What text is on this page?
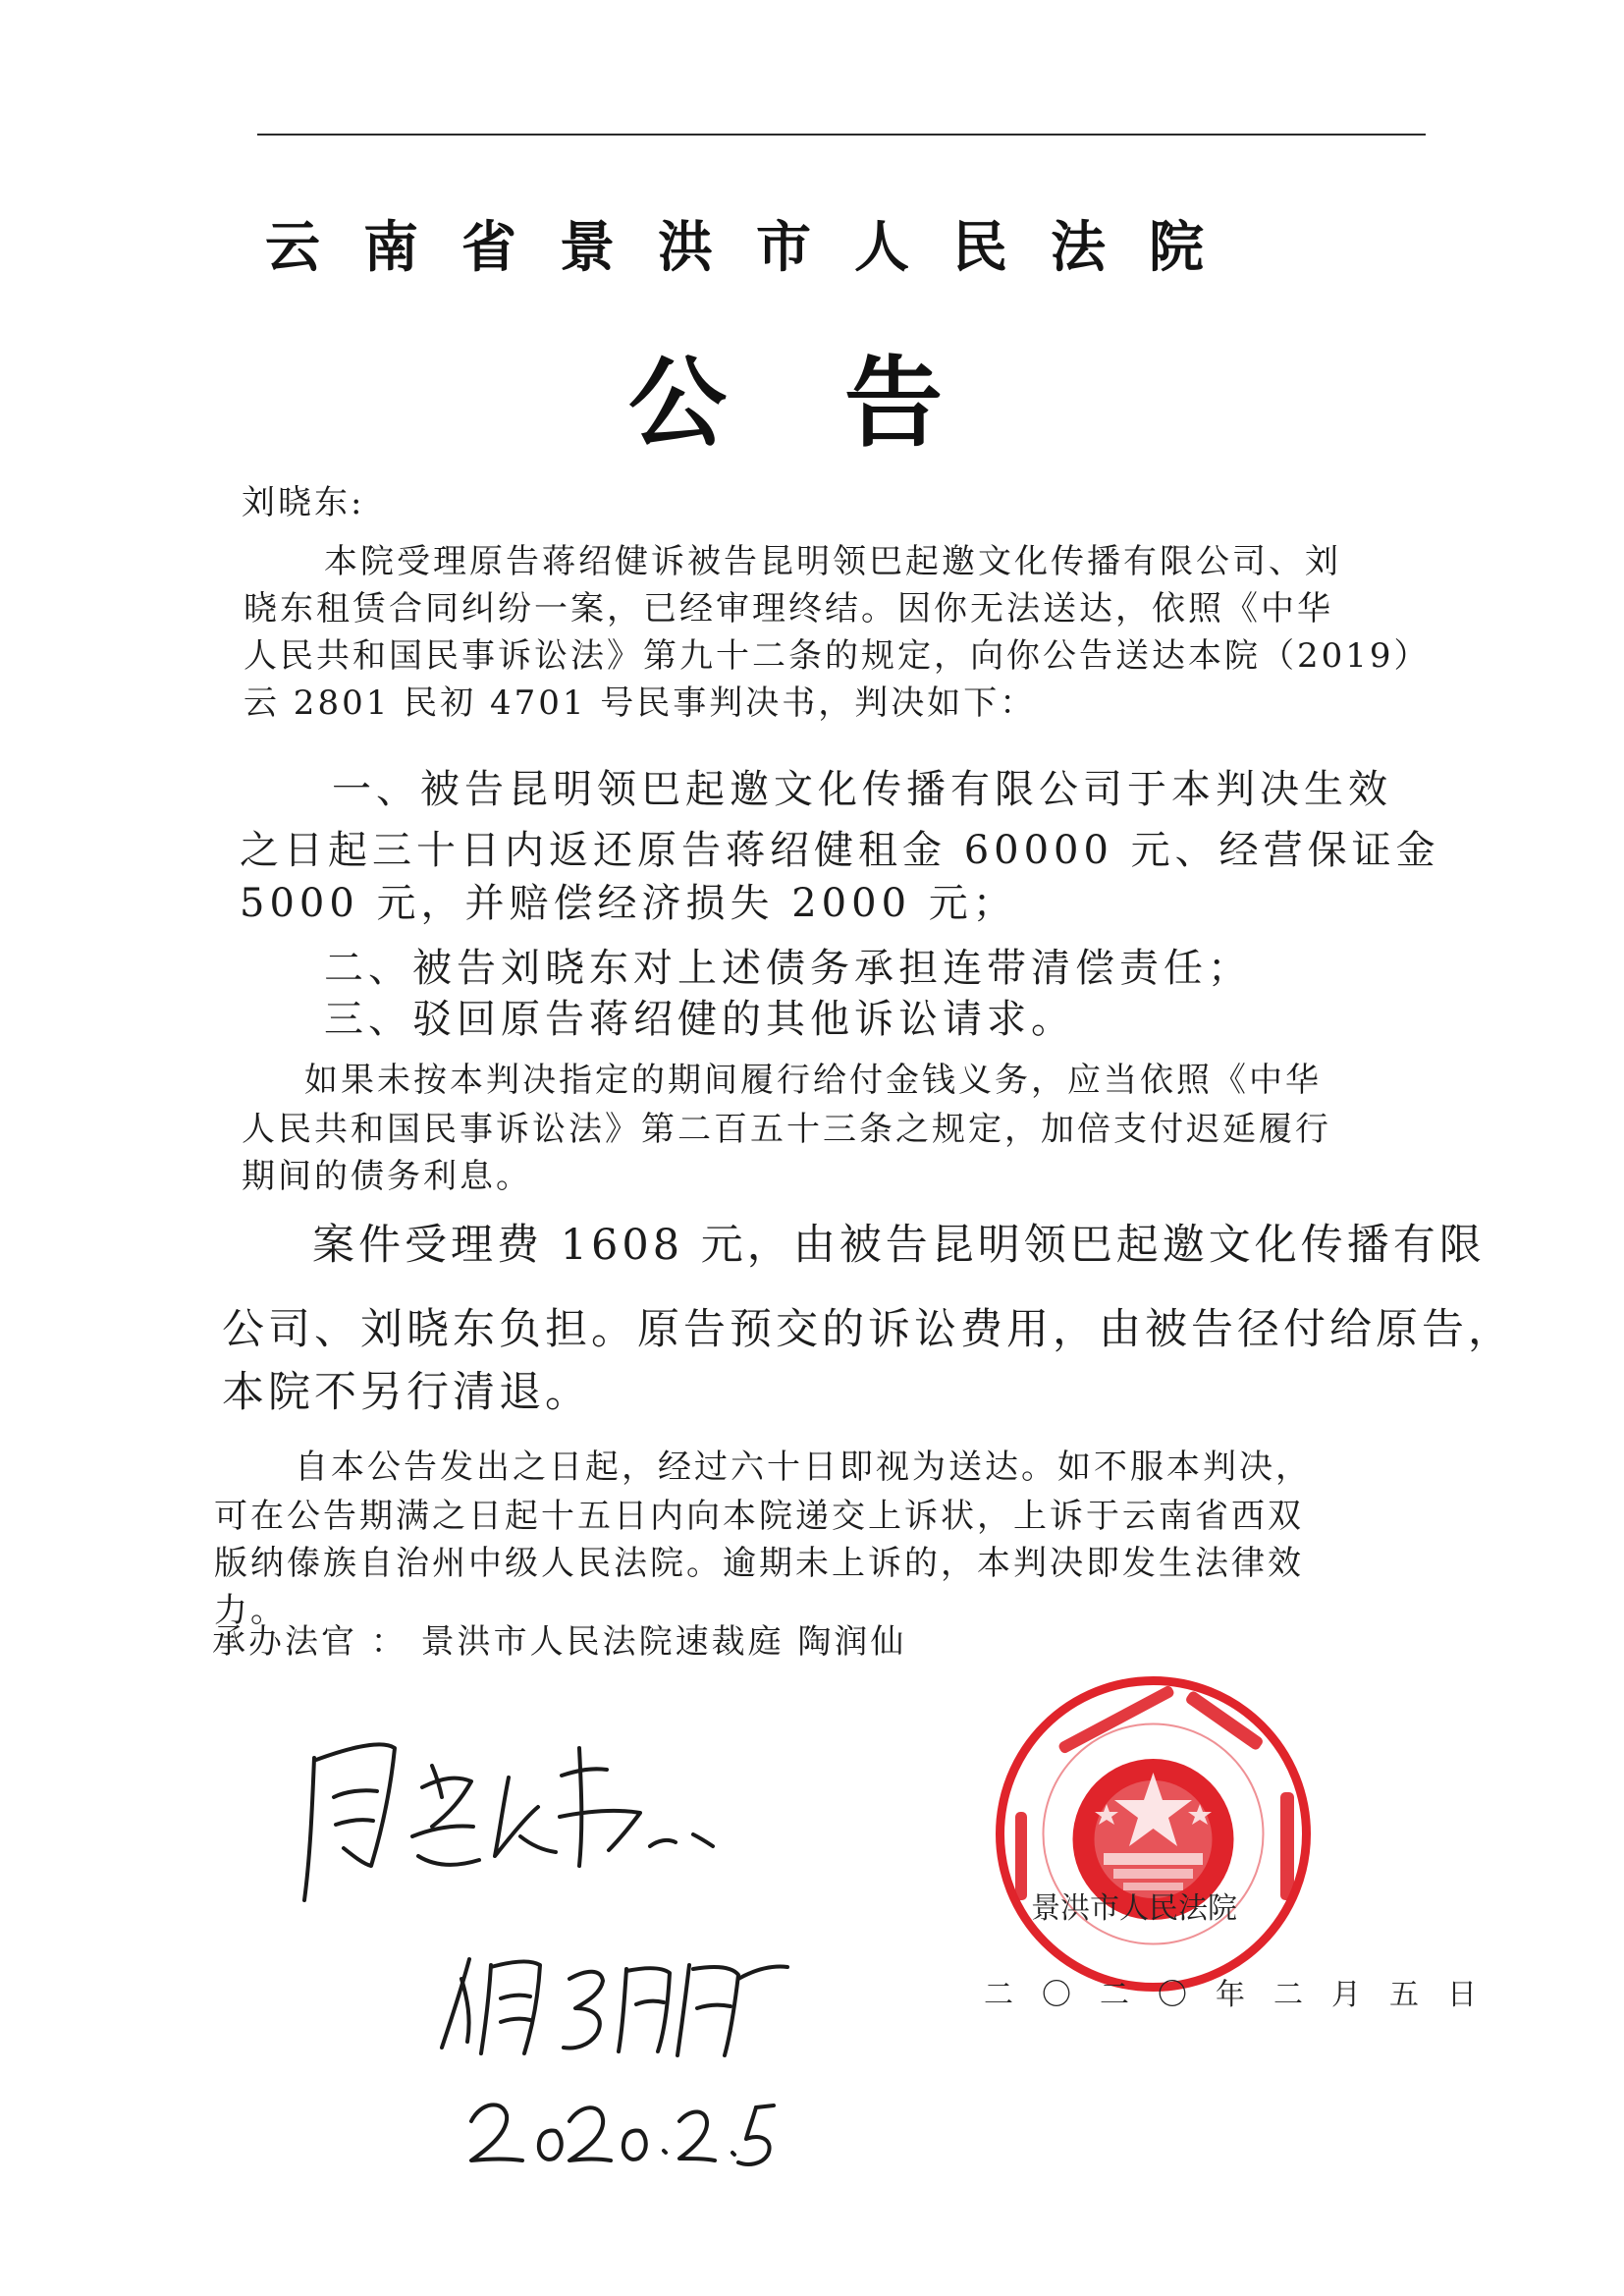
云南省景洪市人民法院
公告
刘晓东:
本院受理原告蒋绍健诉被告昆明领巴起邀文化传播有限公司、刘
晓东租赁合同纠纷一案，已经审理终结。因你无法送达，依照《中华
人民共和国民事诉讼法》第九十二条的规定，向你公告送达本院（2019）
云 2801 民初 4701 号民事判决书，判决如下：
一、被告昆明领巴起邀文化传播有限公司于本判决生效
之日起三十日内返还原告蒋绍健租金 60000 元、经营保证金
5000 元，并赔偿经济损失 2000 元；
二、被告刘晓东对上述债务承担连带清偿责任；
三、驳回原告蒋绍健的其他诉讼请求。
如果未按本判决指定的期间履行给付金钱义务，应当依照《中华
人民共和国民事诉讼法》第二百五十三条之规定，加倍支付迟延履行
期间的债务利息。
案件受理费 1608 元，由被告昆明领巴起邀文化传播有限
公司、刘晓东负担。原告预交的诉讼费用，由被告径付给原告，
本院不另行清退。
自本公告发出之日起，经过六十日即视为送达。如不服本判决，
可在公告期满之日起十五日内向本院递交上诉状，上诉于云南省西双
版纳傣族自治州中级人民法院。逾期未上诉的，本判决即发生法律效
力。
承办法官 ： 景洪市人民法院速裁庭 陶润仙
景洪市人民法院
二〇二〇年二月五日
